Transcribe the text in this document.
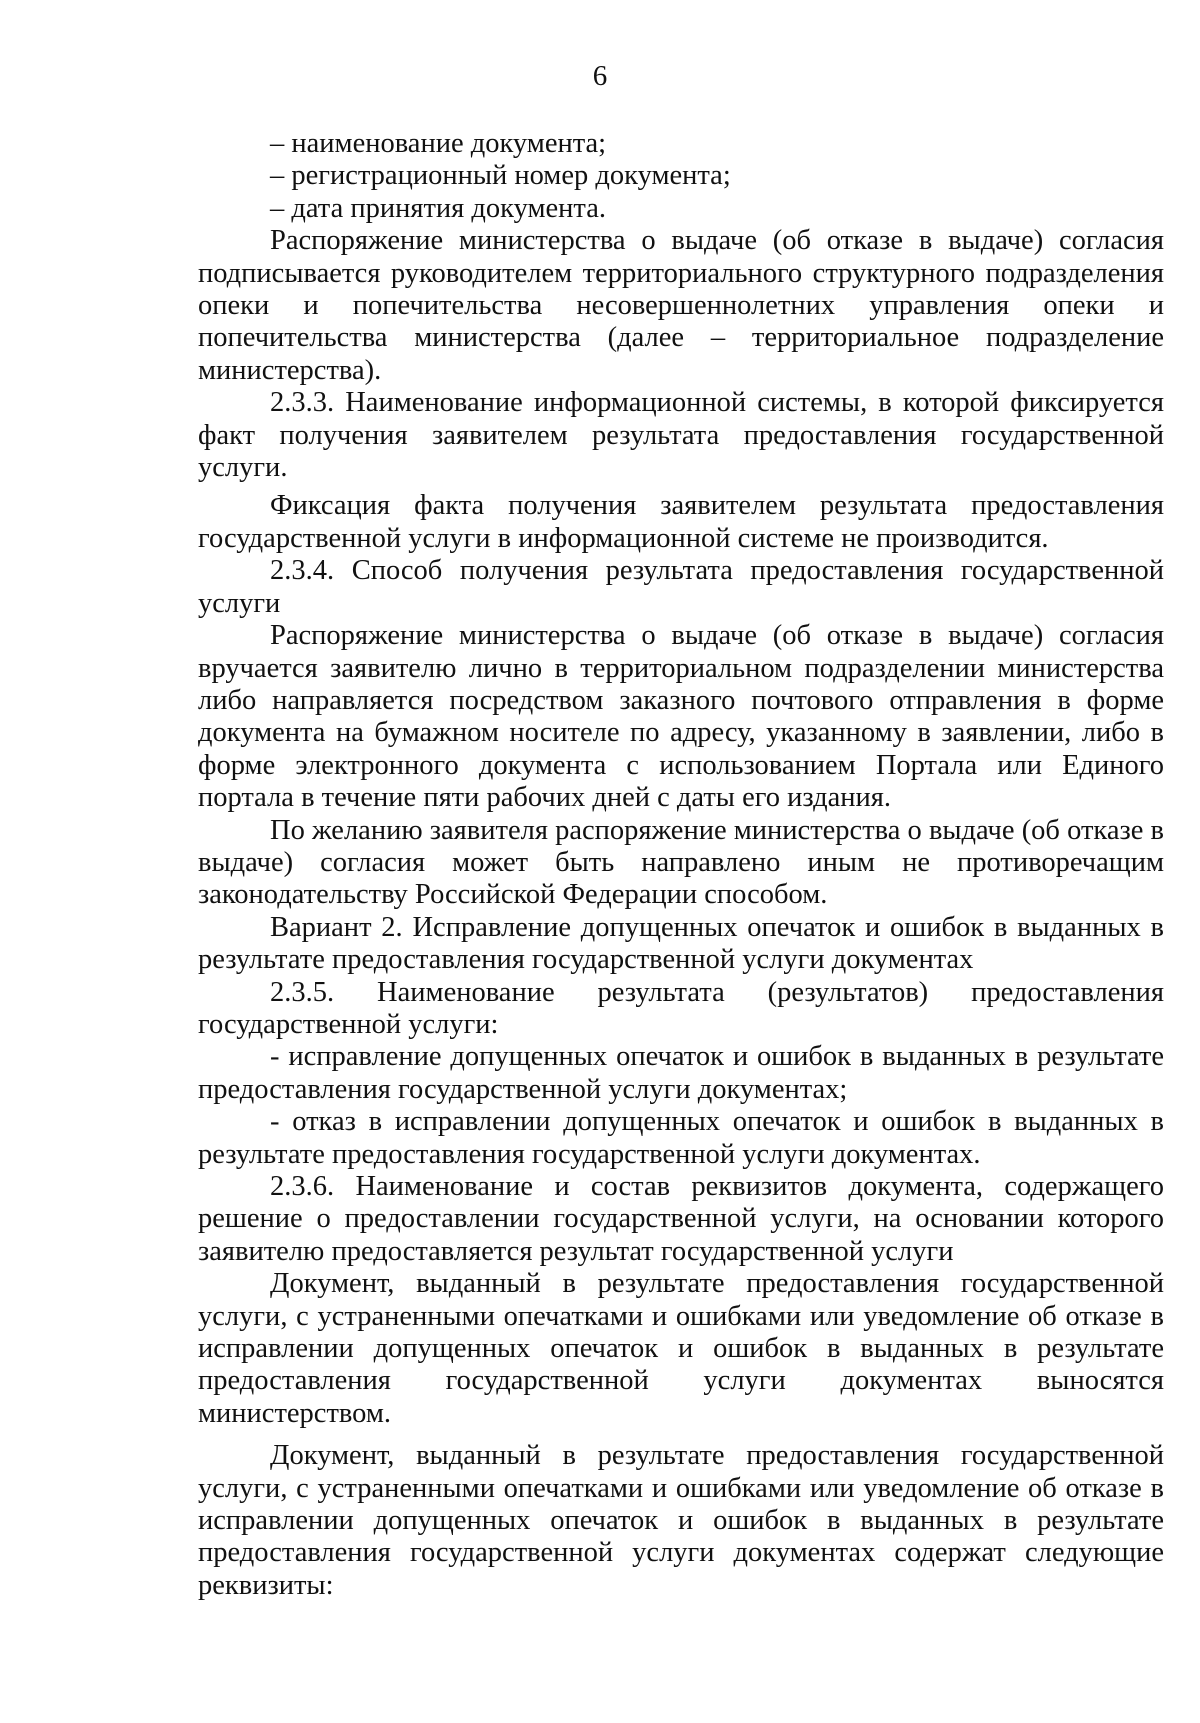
6

– наименование документа;

– регистрационный номер документа;

– дата принятия документа.

Распоряжение министерства о выдаче (об отказе в выдаче) согласия подписывается руководителем территориального структурного подразделения опеки и попечительства несовершеннолетних управления опеки и попечительства министерства (далее – территориальное подразделение министерства).

2.3.3. Наименование информационной системы, в которой фиксируется факт получения заявителем результата предоставления государственной услуги.

Фиксация факта получения заявителем результата предоставления государственной услуги в информационной системе не производится.

2.3.4. Способ получения результата предоставления государственной услуги

Распоряжение министерства о выдаче (об отказе в выдаче) согласия вручается заявителю лично в территориальном подразделении министерства либо направляется посредством заказного почтового отправления в форме документа на бумажном носителе по адресу, указанному в заявлении, либо в форме электронного документа с использованием Портала или Единого портала в течение пяти рабочих дней с даты его издания.

По желанию заявителя распоряжение министерства о выдаче (об отказе в выдаче) согласия может быть направлено иным не противоречащим законодательству Российской Федерации способом.

Вариант 2. Исправление допущенных опечаток и ошибок в выданных в результате предоставления государственной услуги документах

2.3.5. Наименование результата (результатов) предоставления государственной услуги:

- исправление допущенных опечаток и ошибок в выданных в результате предоставления государственной услуги документах;

- отказ в исправлении допущенных опечаток и ошибок в выданных в результате предоставления государственной услуги документах.

2.3.6. Наименование и состав реквизитов документа, содержащего решение о предоставлении государственной услуги, на основании которого заявителю предоставляется результат государственной услуги

Документ, выданный в результате предоставления государственной услуги, с устраненными опечатками и ошибками или уведомление об отказе в исправлении допущенных опечаток и ошибок в выданных в результате предоставления государственной услуги документах выносятся министерством.

Документ, выданный в результате предоставления государственной услуги, с устраненными опечатками и ошибками или уведомление об отказе в исправлении допущенных опечаток и ошибок в выданных в результате предоставления государственной услуги документах содержат следующие реквизиты:
